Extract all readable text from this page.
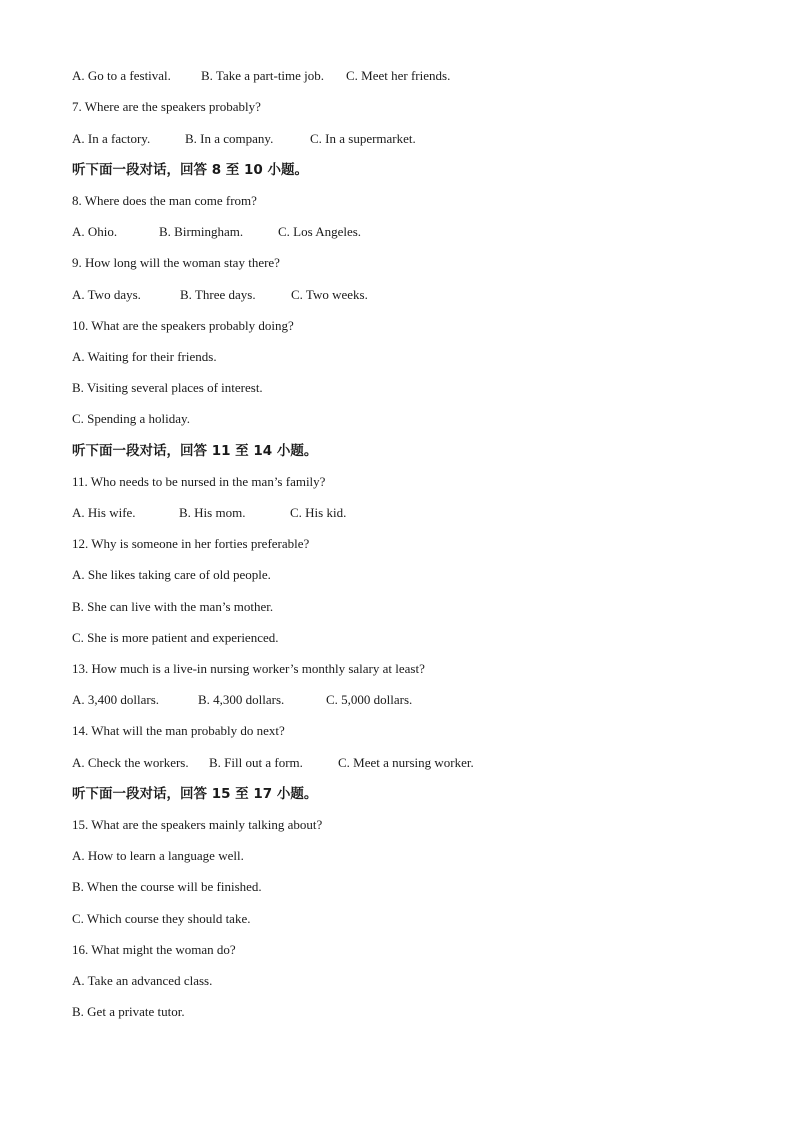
A. Go to a festival. B. Take a part-time job. C. Meet her friends.
7. Where are the speakers probably?
A. In a factory.	B. In a company.	C. In a supermarket.
听下面一段对话，回答 8 至 10 小题。
8. Where does the man come from?
A. Ohio.	B. Birmingham.	C. Los Angeles.
9. How long will the woman stay there?
A. Two days.	B. Three days.	C. Two weeks.
10. What are the speakers probably doing?
A. Waiting for their friends.
B. Visiting several places of interest.
C. Spending a holiday.
听下面一段对话，回答 11 至 14 小题。
11. Who needs to be nursed in the man’s family?
A. His wife.	B. His mom.	C. His kid.
12. Why is someone in her forties preferable?
A. She likes taking care of old people.
B. She can live with the man’s mother.
C. She is more patient and experienced.
13. How much is a live-in nursing worker’s monthly salary at least?
A. 3,400 dollars.	B. 4,300 dollars.	C. 5,000 dollars.
14. What will the man probably do next?
A. Check the workers. B. Fill out a form.	C. Meet a nursing worker.
听下面一段对话，回答 15 至 17 小题。
15. What are the speakers mainly talking about?
A. How to learn a language well.
B. When the course will be finished.
C. Which course they should take.
16. What might the woman do?
A. Take an advanced class.
B. Get a private tutor.
